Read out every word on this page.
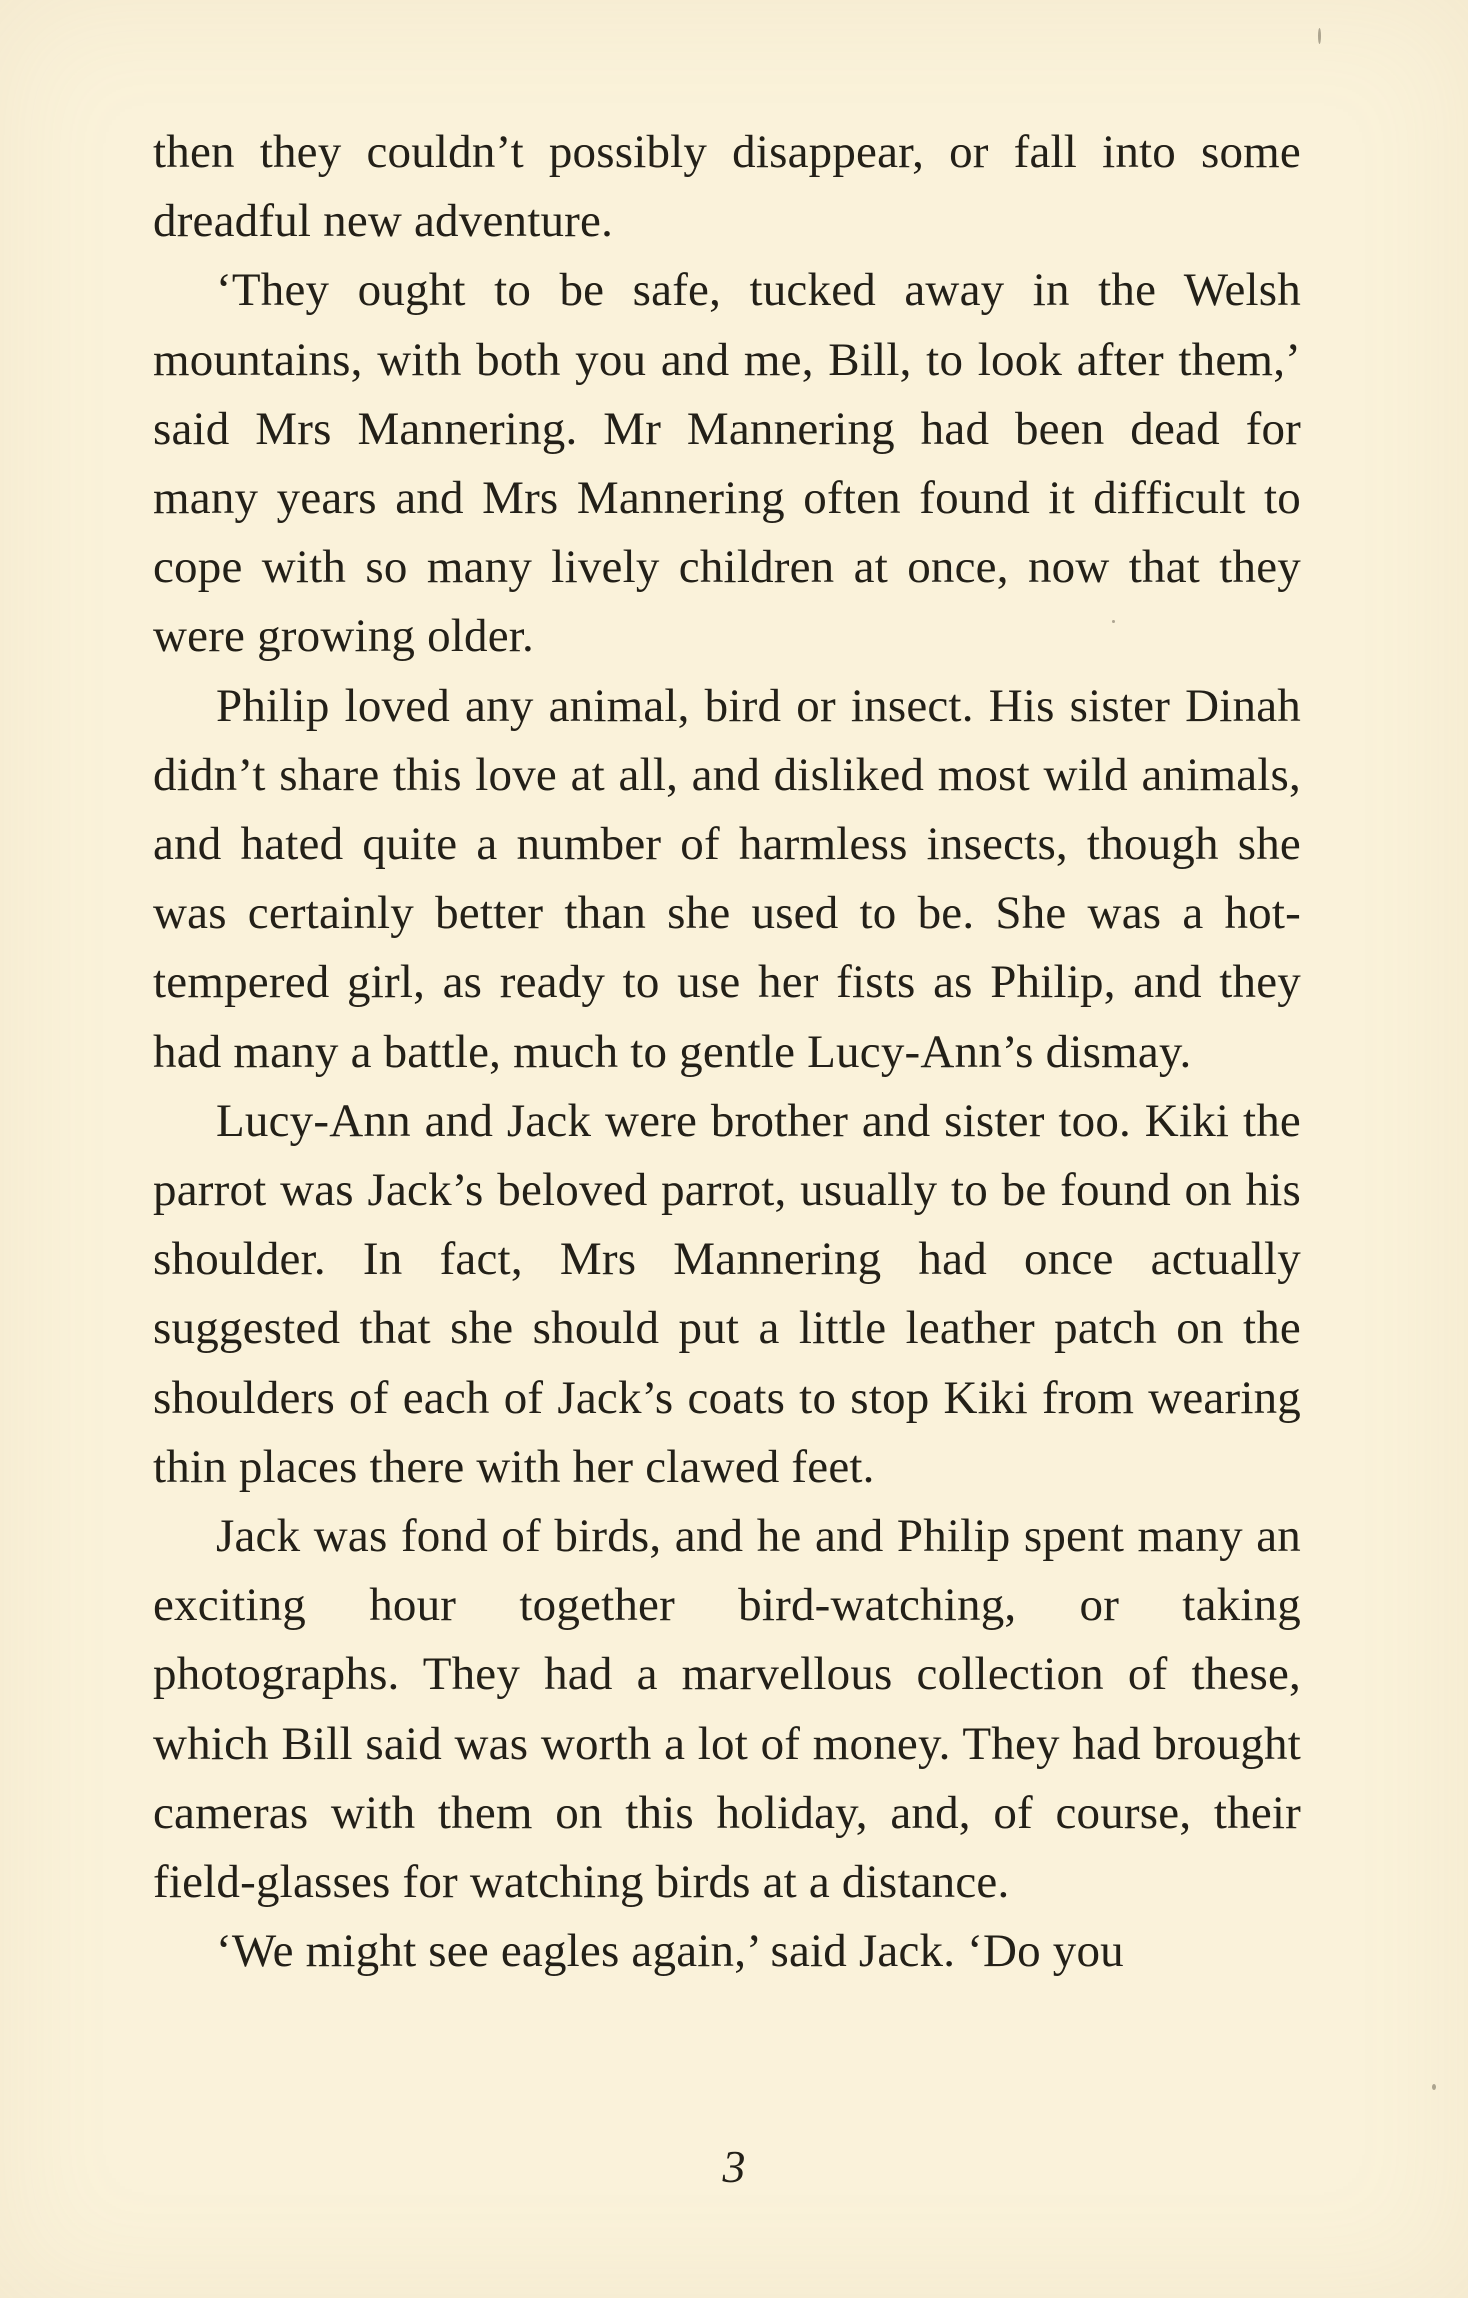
then they couldn’t possibly disappear, or fall into some dreadful new adventure.

‘They ought to be safe, tucked away in the Welsh mountains, with both you and me, Bill, to look after them,’ said Mrs Mannering. Mr Mannering had been dead for many years and Mrs Mannering often found it difficult to cope with so many lively children at once, now that they were growing older.

Philip loved any animal, bird or insect. His sister Dinah didn’t share this love at all, and disliked most wild animals, and hated quite a number of harmless insects, though she was certainly better than she used to be. She was a hot-tempered girl, as ready to use her fists as Philip, and they had many a battle, much to gentle Lucy-Ann’s dismay.

Lucy-Ann and Jack were brother and sister too. Kiki the parrot was Jack’s beloved parrot, usually to be found on his shoulder. In fact, Mrs Mannering had once actually suggested that she should put a little leather patch on the shoulders of each of Jack’s coats to stop Kiki from wearing thin places there with her clawed feet.

Jack was fond of birds, and he and Philip spent many an exciting hour together bird-watching, or taking photographs. They had a marvellous collection of these, which Bill said was worth a lot of money. They had brought cameras with them on this holiday, and, of course, their field-glasses for watching birds at a distance.

‘We might see eagles again,’ said Jack. ‘Do you

3
